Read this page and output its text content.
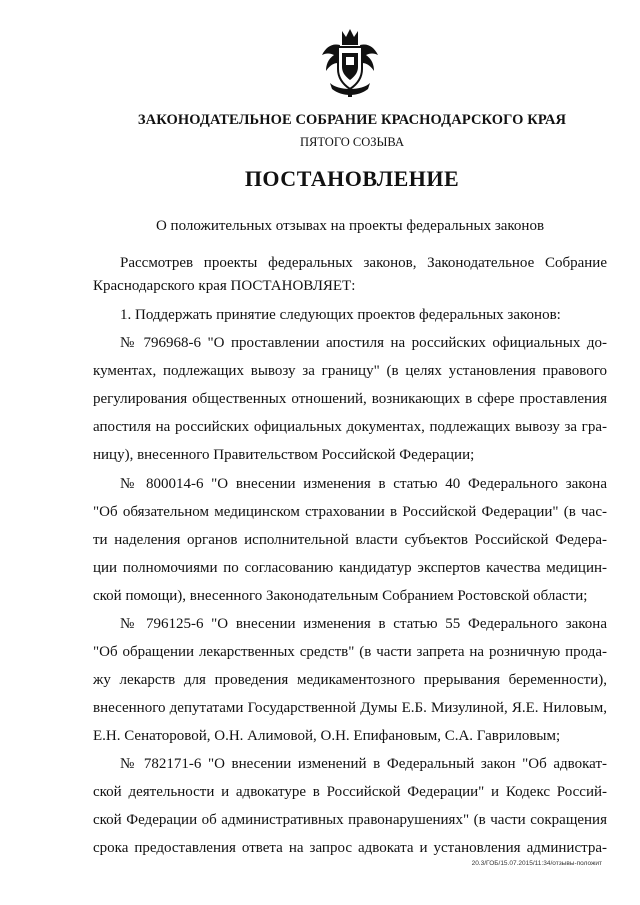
ЗАКОНОДАТЕЛЬНОЕ СОБРАНИЕ КРАСНОДАРСКОГО КРАЯ
ПЯТОГО СОЗЫВА
ПОСТАНОВЛЕНИЕ
О положительных отзывах на проекты федеральных законов
Рассмотрев проекты федеральных законов, Законодательное Собрание
Краснодарского края ПОСТАНОВЛЯЕТ:
1. Поддержать принятие следующих проектов федеральных законов:
№ 796968-6 "О проставлении апостиля на российских официальных до-
кументах, подлежащих вывозу за границу" (в целях установления правового
регулирования общественных отношений, возникающих в сфере проставления
апостиля на российских официальных документах, подлежащих вывозу за гра-
ницу), внесенного Правительством Российской Федерации;
№ 800014-6 "О внесении изменения в статью 40 Федерального закона
"Об обязательном медицинском страховании в Российской Федерации" (в час-
ти наделения органов исполнительной власти субъектов Российской Федера-
ции полномочиями по согласованию кандидатур экспертов качества медицин-
ской помощи), внесенного Законодательным Собранием Ростовской области;
№ 796125-6 "О внесении изменения в статью 55 Федерального закона
"Об обращении лекарственных средств" (в части запрета на розничную прода-
жу лекарств для проведения медикаментозного прерывания беременности),
внесенного депутатами Государственной Думы Е.Б. Мизулиной, Я.Е. Ниловым,
Е.Н. Сенаторовой, О.Н. Алимовой, О.Н. Епифановым, С.А. Гавриловым;
№ 782171-6 "О внесении изменений в Федеральный закон "Об адвокат-
ской деятельности и адвокатуре в Российской Федерации" и Кодекс Россий-
ской Федерации об административных правонарушениях" (в части сокращения
срока предоставления ответа на запрос адвоката и установления администра-
20.3/ГОБ/15.07.2015/11:34/отзывы-положит
